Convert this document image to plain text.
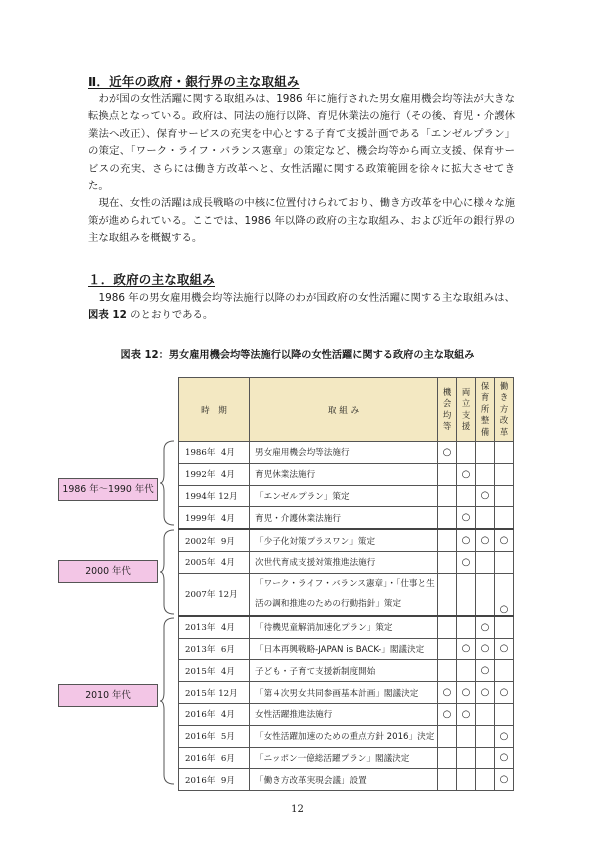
Ⅱ．近年の政府・銀行界の主な取組み

わが国の女性活躍に関する取組みは、1986 年に施行された男女雇用機会均等法が大きな転換点となっている。政府は、同法の施行以降、育児休業法の施行（その後、育児・介護休業法へ改正）、保育サービスの充実を中心とする子育て支援計画である「エンゼルプラン」の策定、「ワーク・ライフ・バランス憲章」の策定など、機会均等から両立支援、保育サービスの充実、さらには働き方改革へと、女性活躍に関する政策範囲を徐々に拡大させてきた。

現在、女性の活躍は成長戦略の中核に位置付けられており、働き方改革を中心に様々な施策が進められている。ここでは、1986 年以降の政府の主な取組み、および近年の銀行界の主な取組みを概観する。

１．政府の主な取組み

1986 年の男女雇用機会均等法施行以降のわが国政府の女性活躍に関する主な取組みは、図表 12 のとおりである。

図表 12：男女雇用機会均等法施行以降の女性活躍に関する政府の主な取組み
時　期	取 組 み	機会均等	両立支援	保育所整備	働き方改革
1986年  4月	男女雇用機会均等法施行	○			
1992年  4月	育児休業法施行		○		
1994年 12月	「エンゼルプラン」策定			○	
1999年  4月	育児・介護休業法施行		○		
2002年  9月	「少子化対策プラスワン」策定		○	○	○
2005年  4月	次世代育成支援対策推進法施行		○		
2007年 12月	「ワーク・ライフ・バランス憲章」・「仕事と生活の調和推進のための行動指針」策定				○
2013年  4月	「待機児童解消加速化プラン」策定			○	
2013年  6月	「日本再興戦略-JAPAN is BACK-」閣議決定		○	○	○
2015年  4月	子ども・子育て支援新制度開始			○	
2015年 12月	「第４次男女共同参画基本計画」閣議決定	○	○	○	○
2016年  4月	女性活躍推進法施行	○	○		
2016年  5月	「女性活躍加速のための重点方針 2016」決定				○
2016年  6月	「ニッポン一億総活躍プラン」閣議決定				○
2016年  9月	「働き方改革実現会議」設置				○
1986 年～1990 年代
2000 年代
2010 年代
12
